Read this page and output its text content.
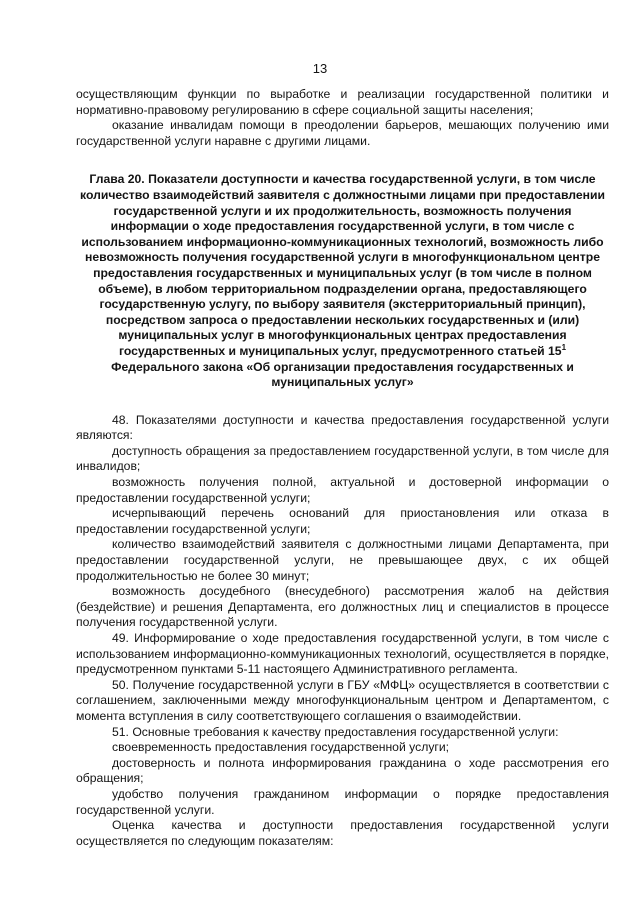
13

осуществляющим функции по выработке и реализации государственной политики и нормативно-правовому регулированию в сфере социальной защиты населения;

оказание инвалидам помощи в преодолении барьеров, мешающих получению ими государственной услуги наравне с другими лицами.

Глава 20. Показатели доступности и качества государственной услуги, в том числе количество взаимодействий заявителя с должностными лицами при предоставлении государственной услуги и их продолжительность, возможность получения информации о ходе предоставления государственной услуги, в том числе с использованием информационно-коммуникационных технологий, возможность либо невозможность получения государственной услуги в многофункциональном центре предоставления государственных и муниципальных услуг (в том числе в полном объеме), в любом территориальном подразделении органа, предоставляющего государственную услугу, по выбору заявителя (экстерриториальный принцип), посредством запроса о предоставлении нескольких государственных и (или) муниципальных услуг в многофункциональных центрах предоставления государственных и муниципальных услуг, предусмотренного статьей $15^1$ Федерального закона «Об организации предоставления государственных и муниципальных услуг»

48. Показателями доступности и качества предоставления государственной услуги являются:

доступность обращения за предоставлением государственной услуги, в том числе для инвалидов;

возможность получения полной, актуальной и достоверной информации о предоставлении государственной услуги;

исчерпывающий перечень оснований для приостановления или отказа в предоставлении государственной услуги;

количество взаимодействий заявителя с должностными лицами Департамента, при предоставлении государственной услуги, не превышающее двух, с их общей продолжительностью не более 30 минут;

возможность досудебного (внесудебного) рассмотрения жалоб на действия (бездействие) и решения Департамента, его должностных лиц и специалистов в процессе получения государственной услуги.

49. Информирование о ходе предоставления государственной услуги, в том числе с использованием информационно-коммуникационных технологий, осуществляется в порядке, предусмотренном пунктами 5-11 настоящего Административного регламента.

50. Получение государственной услуги в ГБУ «МФЦ» осуществляется в соответствии с соглашением, заключенными между многофункциональным центром и Департаментом, с момента вступления в силу соответствующего соглашения о взаимодействии.

51. Основные требования к качеству предоставления государственной услуги:

своевременность предоставления государственной услуги;

достоверность и полнота информирования гражданина о ходе рассмотрения его обращения;

удобство получения гражданином информации о порядке предоставления государственной услуги.

Оценка качества и доступности предоставления государственной услуги осуществляется по следующим показателям:
